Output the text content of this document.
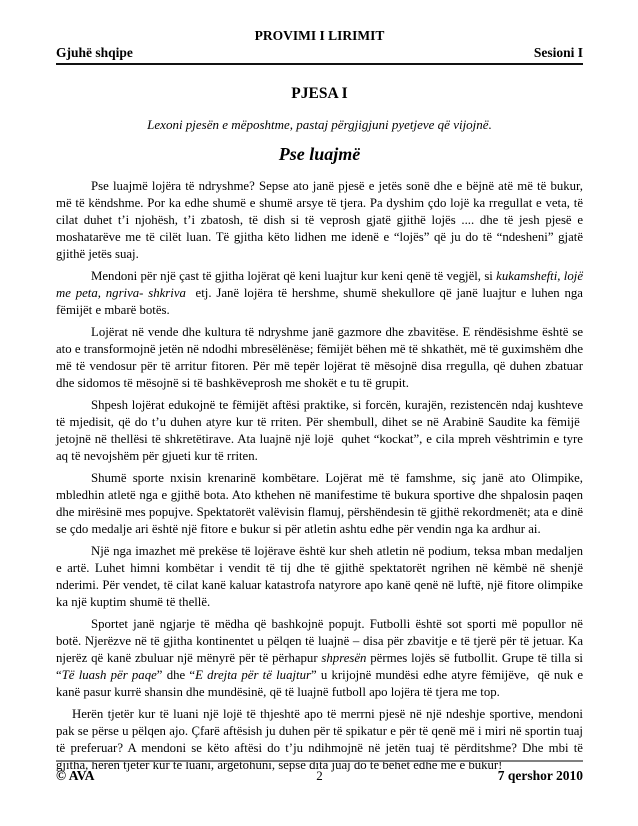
PROVIMI I LIRIMIT
Gjuhë shqipe	Sesioni I
PJESA I
Lexoni pjesën e mëposhtme, pastaj përgjigjuni pyetjeve që vijojnë.
Pse luajmë

Pse luajmë lojëra të ndryshme? Sepse ato janë pjesë e jetës sonë dhe e bëjnë atë më të bukur, më të këndshme. Por ka edhe shumë e shumë arsye të tjera. Pa dyshim çdo lojë ka rregullat e veta, të cilat duhet t’i njohësh, t’i zbatosh, të dish si të veprosh gjatë gjithë lojës .... dhe të jesh pjesë e moshatarëve me të cilët luan. Të gjitha këto lidhen me idenë e “lojës” që ju do të “ndesheni” gjatë gjithë jetës suaj.

Mendoni për një çast të gjitha lojërat që keni luajtur kur keni qenë të vegjël, si kukamshefti, lojë me peta, ngriva- shkriva  etj. Janë lojëra të hershme, shumë shekullore që janë luajtur e luhen nga fëmijët e mbarë botës.

Lojërat në vende dhe kultura të ndryshme janë gazmore dhe zbavitëse. E rëndësishme është se ato e transformojnë jetën në ndodhi mbresëlënëse; fëmijët bëhen më të shkathët, më të guximshëm dhe më të vendosur për të arritur fitoren. Për më tepër lojërat të mësojnë disa rregulla, që duhen zbatuar dhe sidomos të mësojnë si të bashkëveprosh me shokët e tu të grupit.

Shpesh lojërat edukojnë te fëmijët aftësi praktike, si forcën, kurajën, rezistencën ndaj kushteve të mjedisit, që do t’u duhen atyre kur të rriten. Për shembull, dihet se në Arabinë Saudite ka fëmijë  jetojnë në thellësi të shkretëtirave. Ata luajnë një lojë  quhet “kockat”, e cila mpreh vështrimin e tyre aq të nevojshëm për gjueti kur të rriten.

Shumë sporte nxisin krenarinë kombëtare. Lojërat më të famshme, siç janë ato Olimpike, mbledhin atletë nga e gjithë bota. Ato kthehen në manifestime të bukura sportive dhe shpalosin paqen dhe mirësinë mes popujve. Spektatorët valëvisin flamuj, përshëndesin të gjithë rekordmenët; ata e dinë se çdo medalje ari është një fitore e bukur si për atletin ashtu edhe për vendin nga ka ardhur ai.

Një nga imazhet më prekëse të lojërave është kur sheh atletin në podium, teksa mban medaljen e artë. Luhet himni kombëtar i vendit të tij dhe të gjithë spektatorët ngrihen në këmbë në shenjë nderimi. Për vendet, të cilat kanë kaluar katastrofa natyrore apo kanë qenë në luftë, një fitore olimpike ka një kuptim shumë të thellë.

Sportet janë ngjarje të mëdha që bashkojnë popujt. Futbolli është sot sporti më popullor në botë. Njerëzve në të gjitha kontinentet u pëlqen të luajnë – disa për zbavitje e të tjerë për të jetuar. Ka njerëz që kanë zbuluar një mënyrë për të përhapur shpresën përmes lojës së futbollit. Grupe të tilla si “Të luash për paqe” dhe “E drejta për të luajtur” u krijojnë mundësi edhe atyre fëmijëve,  që nuk e kanë pasur kurrë shansin dhe mundësinë, që të luajnë futboll apo lojëra të tjera me top.

Herën tjetër kur të luani një lojë të thjeshtë apo të merrni pjesë në një ndeshje sportive, mendoni pak se përse u pëlqen ajo. Çfarë aftësish ju duhen për të spikatur e për të qenë më i miri në sportin tuaj të preferuar? A mendoni se këto aftësi do t’ju ndihmojnë në jetën tuaj të përditshme? Dhe mbi të gjitha, herën tjetër kur të luani, argëtohuni, sepse dita juaj do të bëhet edhe më e bukur!

© AVA	2	7 qershor 2010
